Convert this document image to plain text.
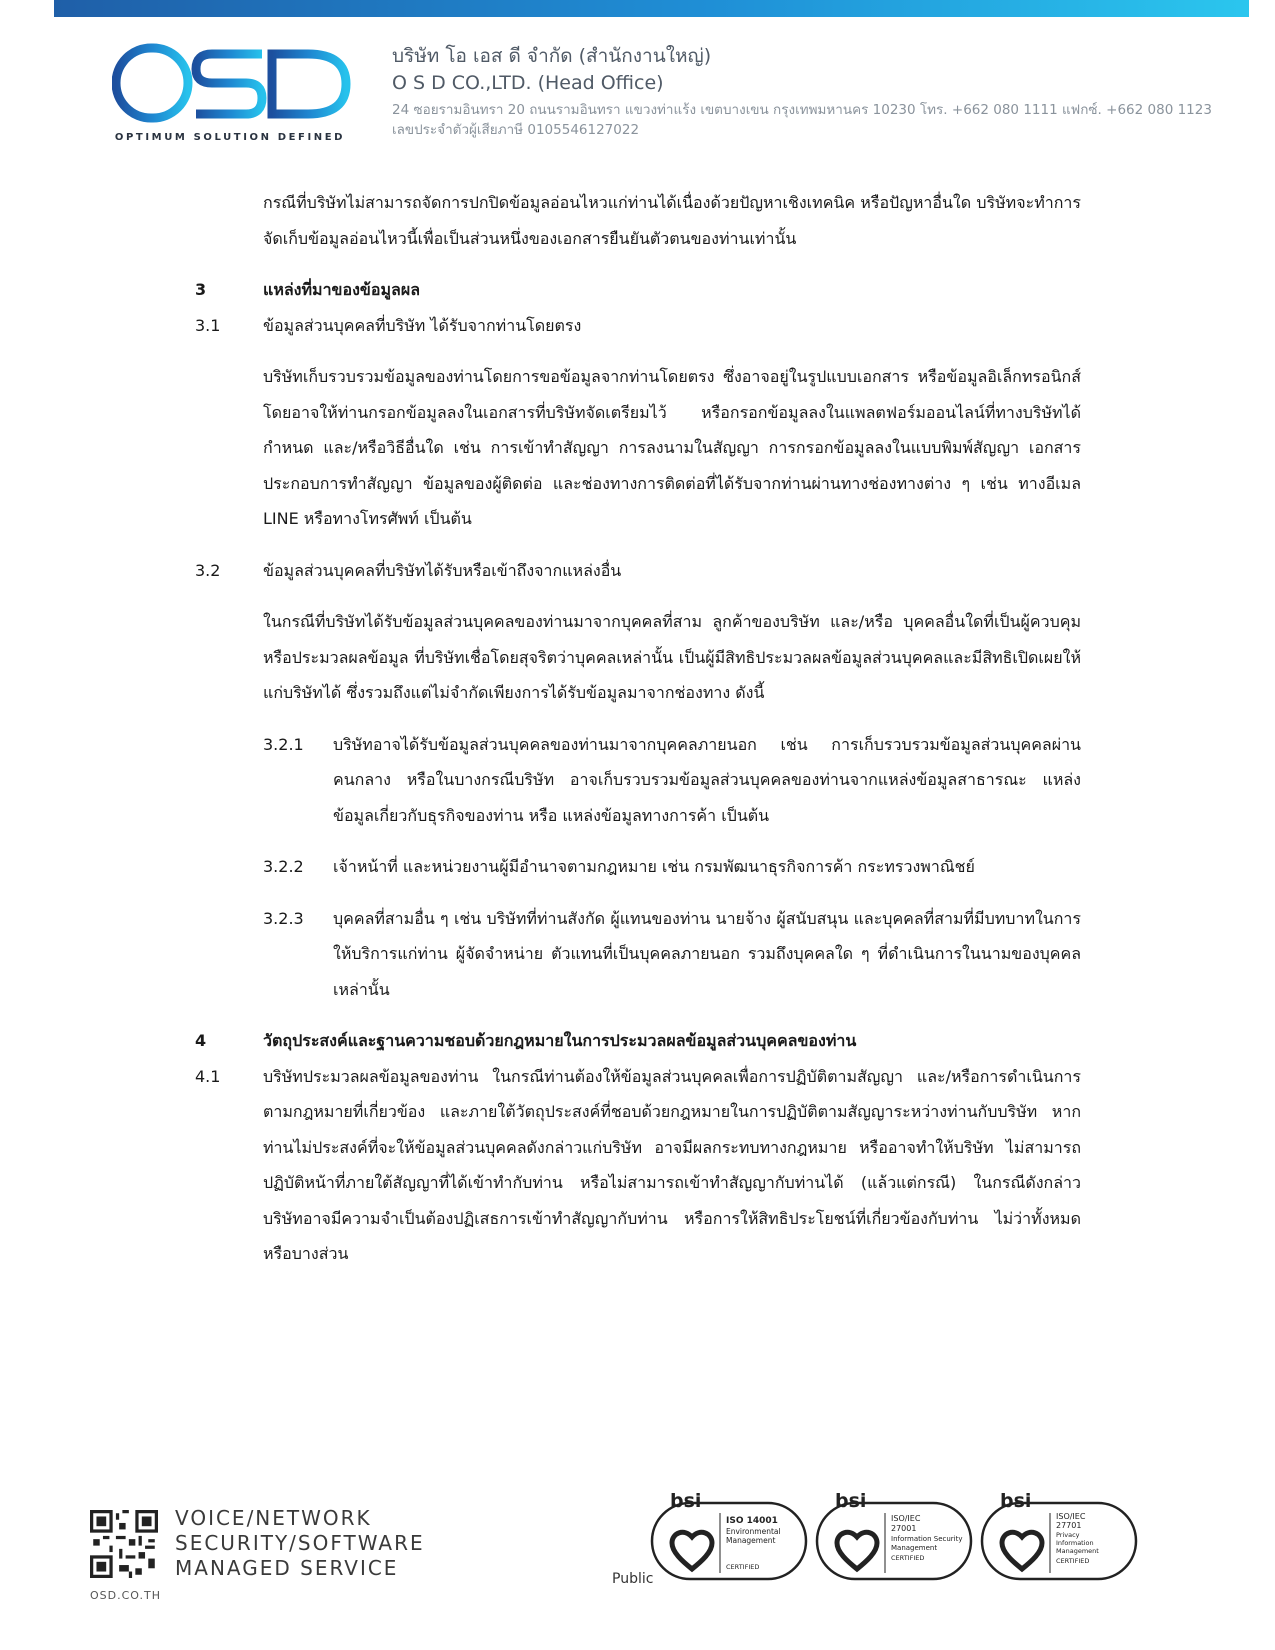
OPTIMUM SOLUTION DEFINED
บริษัท โอ เอส ดี จำกัด (สำนักงานใหญ่)
O S D CO.,LTD. (Head Office)
24 ซอยรามอินทรา 20 ถนนรามอินทรา แขวงท่าแร้ง เขตบางเขน กรุงเทพมหานคร 10230 โทร. +662 080 1111 แฟกซ์. +662 080 1123
เลขประจำตัวผู้เสียภาษี 0105546127022
กรณีที่บริษัทไม่สามารถจัดการปกปิดข้อมูลอ่อนไหวแก่ท่านได้เนื่องด้วยปัญหาเชิงเทคนิค หรือปัญหาอื่นใด บริษัทจะทำการจัดเก็บข้อมูลอ่อนไหวนี้เพื่อเป็นส่วนหนึ่งของเอกสารยืนยันตัวตนของท่านเท่านั้น
3	แหล่งที่มาของข้อมูลผล
3.1	ข้อมูลส่วนบุคคลที่บริษัท ได้รับจากท่านโดยตรง
บริษัทเก็บรวบรวมข้อมูลของท่านโดยการขอข้อมูลจากท่านโดยตรง ซึ่งอาจอยู่ในรูปแบบเอกสาร หรือข้อมูลอิเล็กทรอนิกส์ โดยอาจให้ท่านกรอกข้อมูลลงในเอกสารที่บริษัทจัดเตรียมไว้ หรือกรอกข้อมูลลงในแพลตฟอร์มออนไลน์ที่ทางบริษัทได้กำหนด และ/หรือวิธีอื่นใด เช่น การเข้าทำสัญญา การลงนามในสัญญา การกรอกข้อมูลลงในแบบพิมพ์สัญญา เอกสารประกอบการทำสัญญา ข้อมูลของผู้ติดต่อ และช่องทางการติดต่อที่ได้รับจากท่านผ่านทางช่องทางต่าง ๆ เช่น ทางอีเมล LINE หรือทางโทรศัพท์ เป็นต้น
3.2	ข้อมูลส่วนบุคคลที่บริษัทได้รับหรือเข้าถึงจากแหล่งอื่น
ในกรณีที่บริษัทได้รับข้อมูลส่วนบุคคลของท่านมาจากบุคคลที่สาม ลูกค้าของบริษัท และ/หรือ บุคคลอื่นใดที่เป็นผู้ควบคุม หรือประมวลผลข้อมูล ที่บริษัทเชื่อโดยสุจริตว่าบุคคลเหล่านั้น เป็นผู้มีสิทธิประมวลผลข้อมูลส่วนบุคคลและมีสิทธิเปิดเผยให้แก่บริษัทได้ ซึ่งรวมถึงแต่ไม่จำกัดเพียงการได้รับข้อมูลมาจากช่องทาง ดังนี้
3.2.1	บริษัทอาจได้รับข้อมูลส่วนบุคคลของท่านมาจากบุคคลภายนอก เช่น การเก็บรวบรวมข้อมูลส่วนบุคคลผ่านคนกลาง หรือในบางกรณีบริษัท อาจเก็บรวบรวมข้อมูลส่วนบุคคลของท่านจากแหล่งข้อมูลสาธารณะ แหล่งข้อมูลเกี่ยวกับธุรกิจของท่าน หรือ แหล่งข้อมูลทางการค้า เป็นต้น
3.2.2	เจ้าหน้าที่ และหน่วยงานผู้มีอำนาจตามกฎหมาย เช่น กรมพัฒนาธุรกิจการค้า กระทรวงพาณิชย์
3.2.3	บุคคลที่สามอื่น ๆ เช่น บริษัทที่ท่านสังกัด ผู้แทนของท่าน นายจ้าง ผู้สนับสนุน และบุคคลที่สามที่มีบทบาทในการให้บริการแก่ท่าน ผู้จัดจำหน่าย ตัวแทนที่เป็นบุคคลภายนอก รวมถึงบุคคลใด ๆ ที่ดำเนินการในนามของบุคคลเหล่านั้น
4	วัตถุประสงค์และฐานความชอบด้วยกฎหมายในการประมวลผลข้อมูลส่วนบุคคลของท่าน
4.1	บริษัทประมวลผลข้อมูลของท่าน ในกรณีท่านต้องให้ข้อมูลส่วนบุคคลเพื่อการปฏิบัติตามสัญญา และ/หรือการดำเนินการตามกฎหมายที่เกี่ยวข้อง และภายใต้วัตถุประสงค์ที่ชอบด้วยกฎหมายในการปฏิบัติตามสัญญาระหว่างท่านกับบริษัท หากท่านไม่ประสงค์ที่จะให้ข้อมูลส่วนบุคคลดังกล่าวแก่บริษัท อาจมีผลกระทบทางกฎหมาย หรืออาจทำให้บริษัท ไม่สามารถปฏิบัติหน้าที่ภายใต้สัญญาที่ได้เข้าทำกับท่าน หรือไม่สามารถเข้าทำสัญญากับท่านได้ (แล้วแต่กรณี) ในกรณีดังกล่าว บริษัทอาจมีความจำเป็นต้องปฏิเสธการเข้าทำสัญญากับท่าน หรือการให้สิทธิประโยชน์ที่เกี่ยวข้องกับท่าน ไม่ว่าทั้งหมดหรือบางส่วน
VOICE/NETWORK
SECURITY/SOFTWARE
MANAGED SERVICE
OSD.CO.TH
Public
bsi
ISO 14001
Environmental
Management
CERTIFIED
bsi
ISO/IEC
27001
Information Security
Management
CERTIFIED
bsi
ISO/IEC
27701
Privacy
Information
Management
CERTIFIED
